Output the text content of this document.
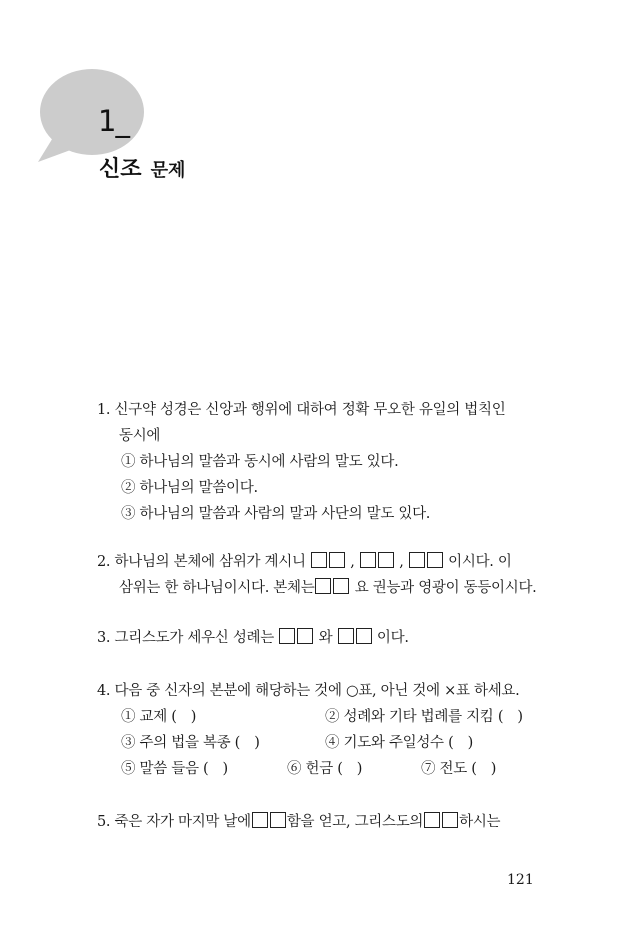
1_
신조 문제
1. 신구약 성경은 신앙과 행위에 대하여 정확 무오한 유일의 법칙인
동시에
① 하나님의 말씀과 동시에 사람의 말도 있다.
② 하나님의 말씀이다.
③ 하나님의 말씀과 사람의 말과 사단의 말도 있다.
2. 하나님의 본체에 삼위가 계시니	,	,	이시다. 이
삼위는 한 하나님이시다. 본체는	요 권능과 영광이 동등이시다.
3. 그리스도가 세우신 성례는	와	이다.
4. 다음 중 신자의 본분에 해당하는 것에 ○표, 아닌 것에 ×표 하세요.
① 교제 (　)	② 성례와 기타 법례를 지킴 (　)
③ 주의 법을 복종 (　)	④ 기도와 주일성수 (　)
⑤ 말씀 들음 (　)	⑥ 헌금 (　)	⑦ 전도 (　)
5. 죽은 자가 마지막 날에 함을 얻고, 그리스도의 하시는
121
